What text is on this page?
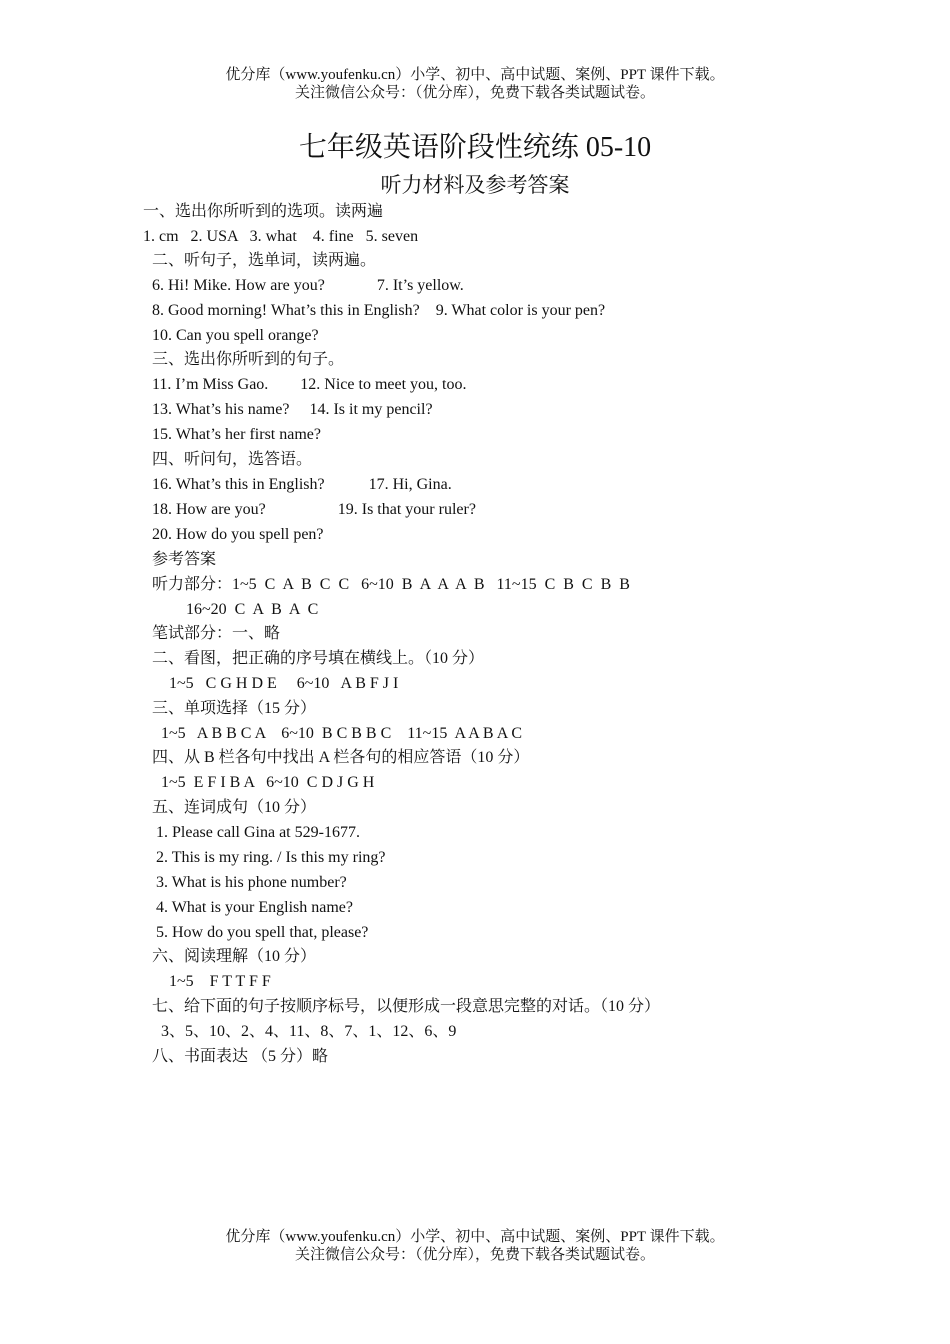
优分库（www.youfenku.cn）小学、初中、高中试题、案例、PPT 课件下载。
关注微信公众号：（优分库），免费下载各类试题试卷。
七年级英语阶段性统练 05-10
听力材料及参考答案
一、选出你所听到的选项。读两遍
1. cm   2. USA   3. what    4. fine   5. seven
二、听句子，选单词，读两遍。
6. Hi! Mike. How are you?             7. It’s yellow.
8. Good morning! What’s this in English?    9. What color is your pen?
10. Can you spell orange?
三、选出你所听到的句子。
11. I’m Miss Gao.        12. Nice to meet you, too.
13. What’s his name?     14. Is it my pencil?
15. What’s her first name?
四、听问句，选答语。
16. What’s this in English?           17. Hi, Gina.
18. How are you?                  19. Is that your ruler?
20. How do you spell pen?
参考答案
听力部分：1~5  C  A  B  C  C   6~10  B  A  A  A  B   11~15  C  B  C  B  B
16~20  C  A  B  A  C
笔试部分：一、略
二、看图，把正确的序号填在横线上。（10 分）
1~5   C G H D E     6~10   A B F J I
三、单项选择（15 分）
1~5   A B B C A    6~10  B C B B C    11~15  A A B A C
四、从 B 栏各句中找出 A 栏各句的相应答语（10 分）
1~5  E F I B A   6~10  C D J G H
五、连词成句（10 分）
1. Please call Gina at 529-1677.
2. This is my ring. / Is this my ring?
3. What is his phone number?
4. What is your English name?
5. How do you spell that, please?
六、阅读理解（10 分）
1~5    F T T F F
七、给下面的句子按顺序标号，以便形成一段意思完整的对话。（10 分）
3、5、10、2、4、11、8、7、1、12、6、9
八、书面表达 （5 分）略
优分库（www.youfenku.cn）小学、初中、高中试题、案例、PPT 课件下载。
关注微信公众号：（优分库），免费下载各类试题试卷。
